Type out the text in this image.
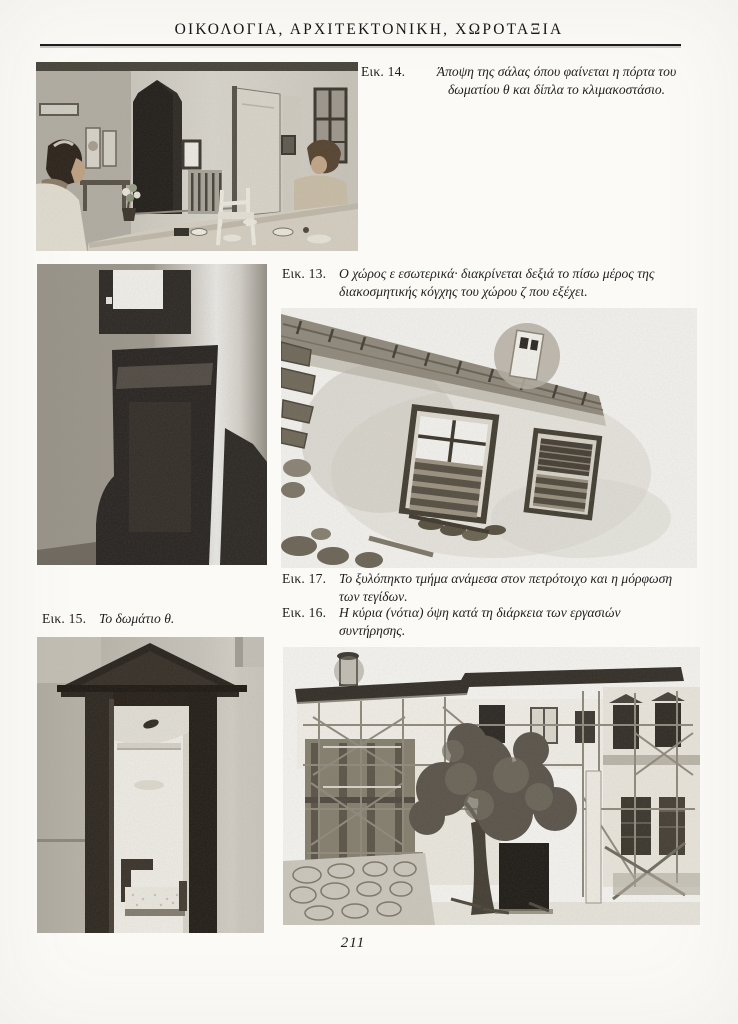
ΟΙΚΟΛΟΓΙΑ, ΑΡΧΙΤΕΚΤΟΝΙΚΗ, ΧΩΡΟΤΑΞΙΑ
Εικ. 14.	Άποψη της σάλας όπου φαίνεται η πόρτα του δωματίου θ και δίπλα το κλιμακοστάσιο.
Εικ. 13. Ο χώρος ε εσωτερικά· διακρίνεται δεξιά το πίσω μέρος της διακοσμητικής κόγχης του χώρου ζ που εξέχει.
Εικ. 17. Το ξυλόπηκτο τμήμα ανάμεσα στον πετρότοιχο και η μόρφωση των τεγίδων.
Εικ. 16. Η κύρια (νότια) όψη κατά τη διάρκεια των εργασιών συντήρησης.
Εικ. 15. Το δωμάτιο θ.
211
